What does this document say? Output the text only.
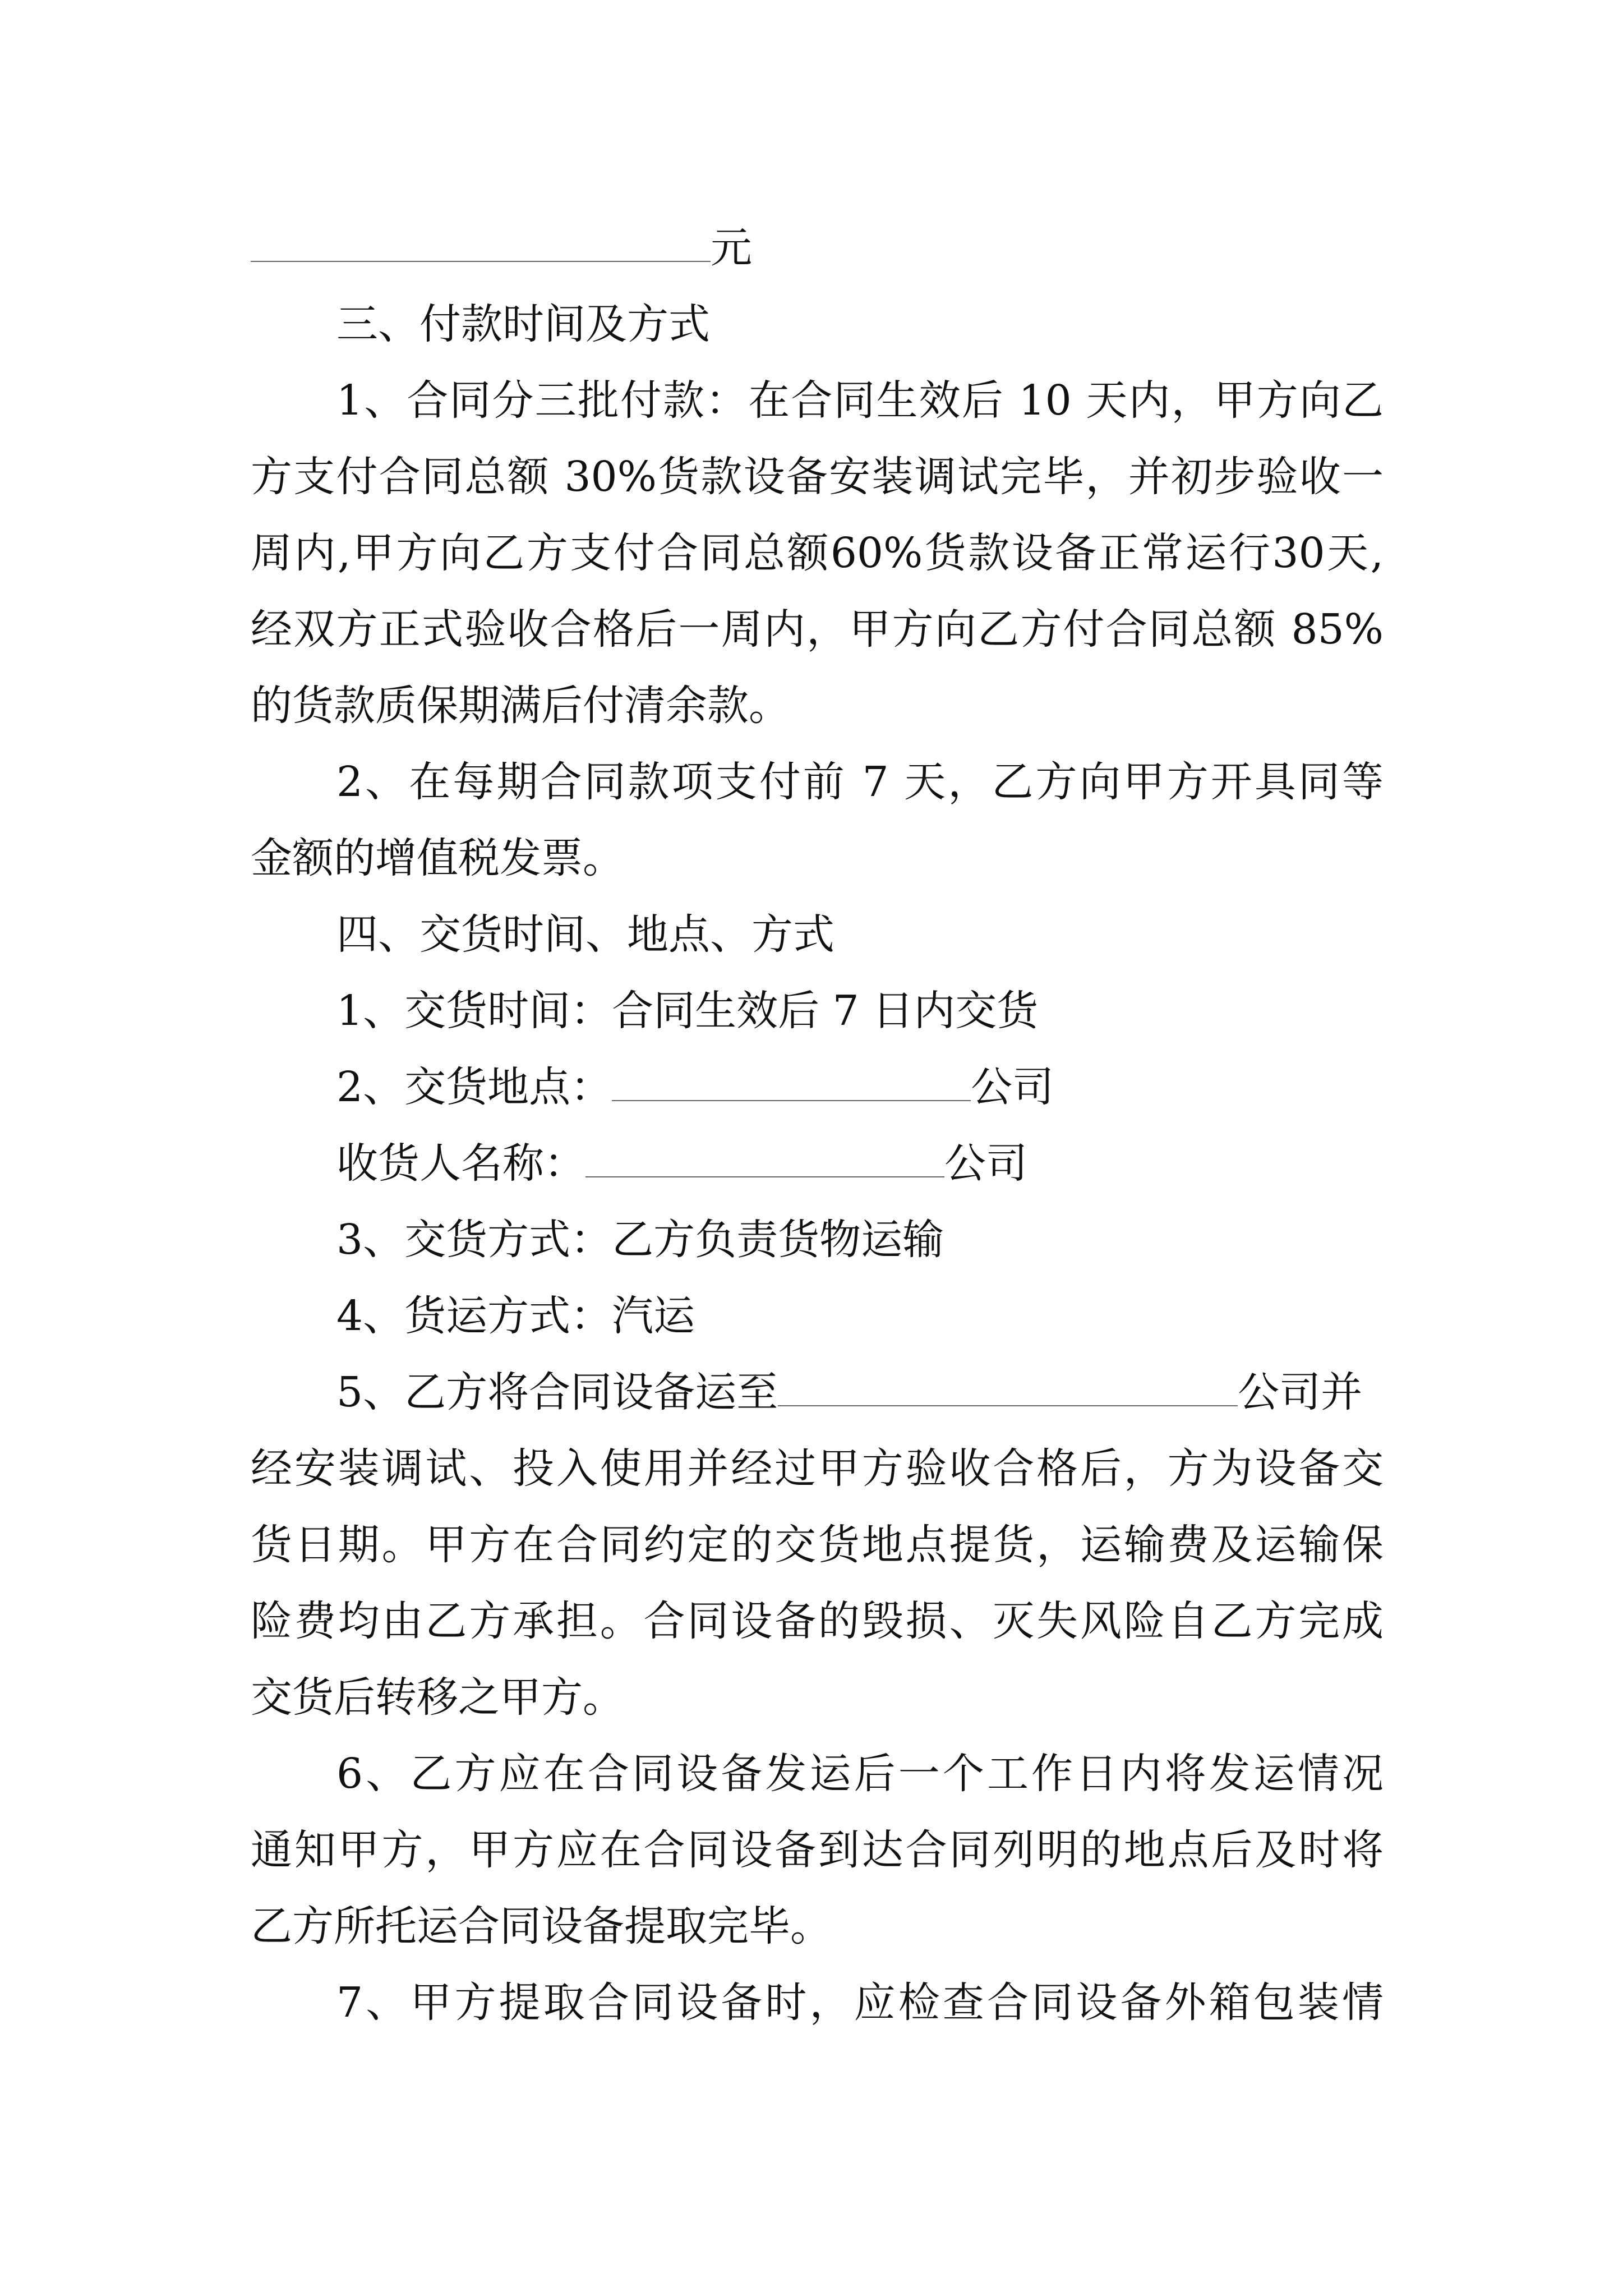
元
三、付款时间及方式
1、合同分三批付款：在合同生效后 10 天内，甲方向乙
方支付合同总额 30%货款设备安装调试完毕，并初步验收一
周内,甲方向乙方支付合同总额60%货款设备正常运行30天,
经双方正式验收合格后一周内，甲方向乙方付合同总额 85%
的货款质保期满后付清余款。
2、在每期合同款项支付前 7 天，乙方向甲方开具同等
金额的增值税发票。
四、交货时间、地点、方式
1、交货时间：合同生效后 7 日内交货
2、交货地点：	公司
收货人名称：	公司
3、交货方式：乙方负责货物运输
4、货运方式：汽运
5、乙方将合同设备运至	公司并
经安装调试、投入使用并经过甲方验收合格后，方为设备交
货日期。甲方在合同约定的交货地点提货，运输费及运输保
险费均由乙方承担。合同设备的毁损、灭失风险自乙方完成
交货后转移之甲方。
6、乙方应在合同设备发运后一个工作日内将发运情况
通知甲方，甲方应在合同设备到达合同列明的地点后及时将
乙方所托运合同设备提取完毕。
7、甲方提取合同设备时，应检查合同设备外箱包装情
